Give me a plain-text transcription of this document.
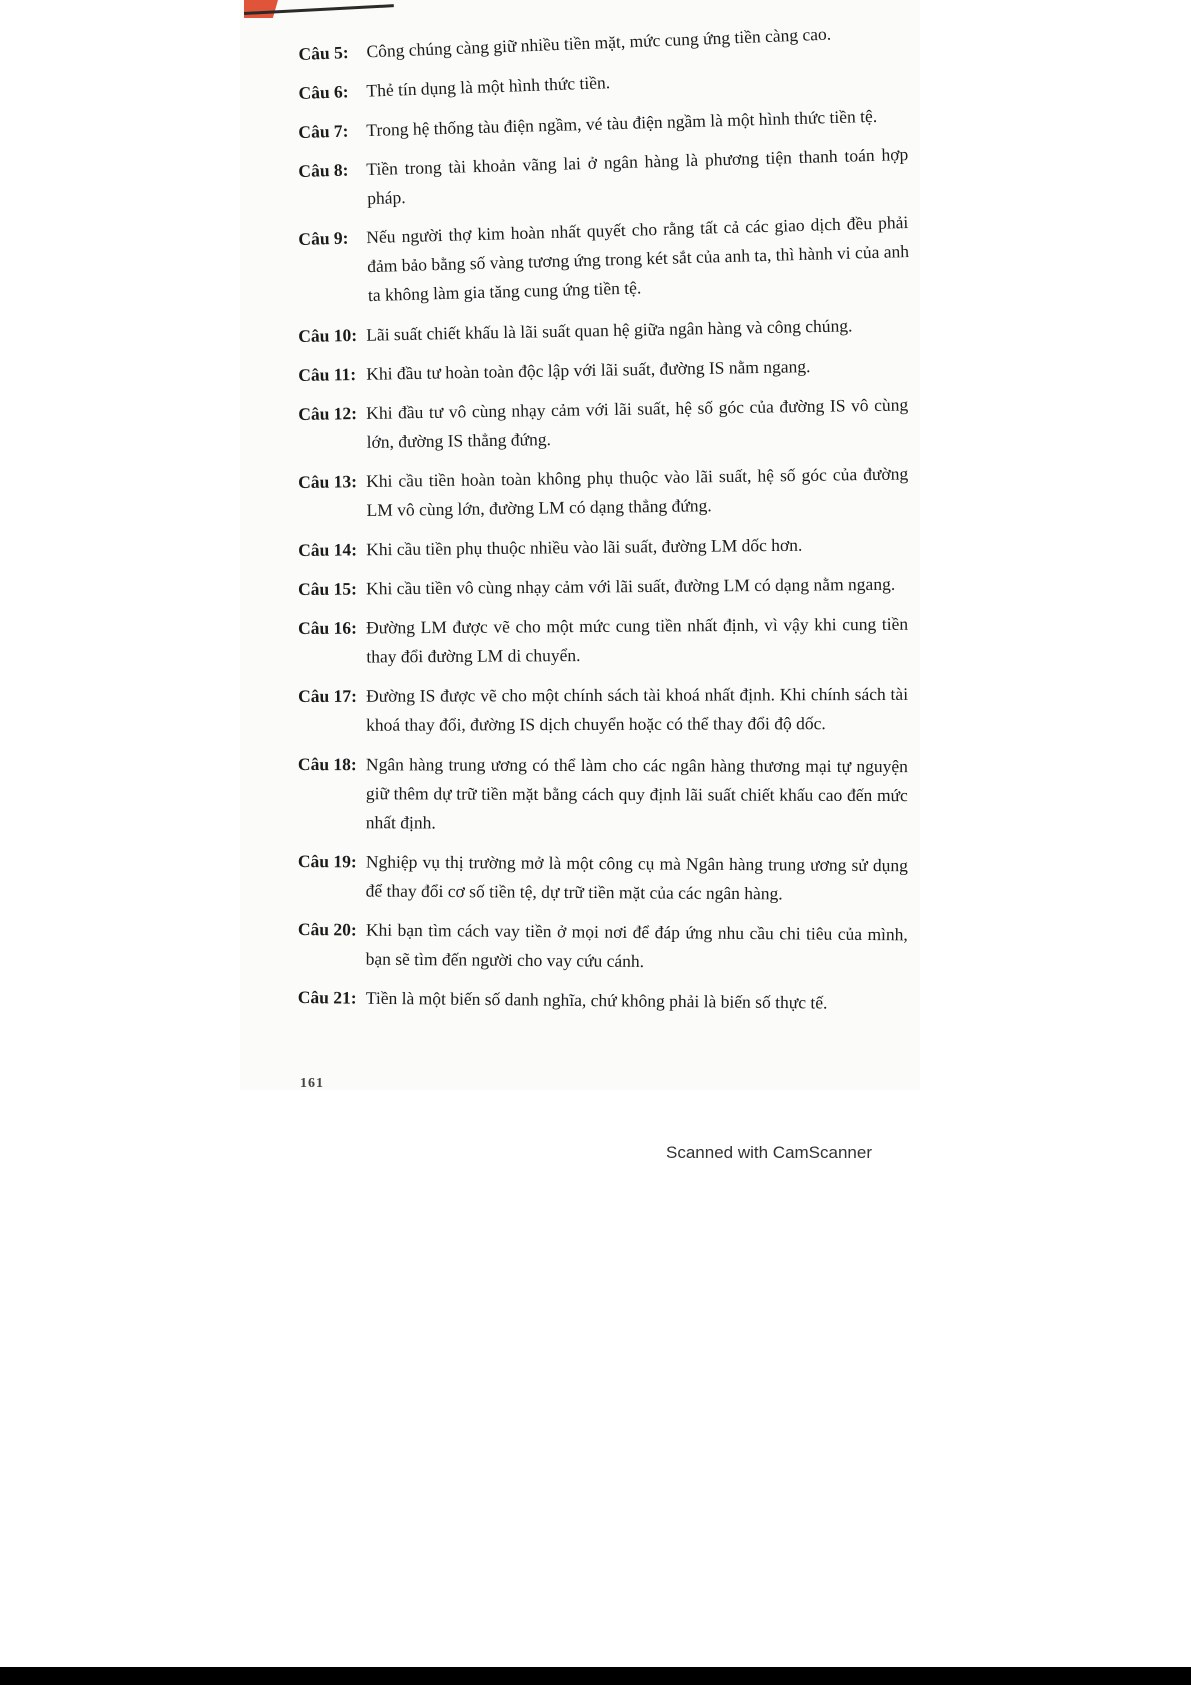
Câu 5: Công chúng càng giữ nhiều tiền mặt, mức cung ứng tiền càng cao.
Câu 6: Thẻ tín dụng là một hình thức tiền.
Câu 7: Trong hệ thống tàu điện ngầm, vé tàu điện ngầm là một hình thức tiền tệ.
Câu 8: Tiền trong tài khoản vãng lai ở ngân hàng là phương tiện thanh toán hợp pháp.
Câu 9: Nếu người thợ kim hoàn nhất quyết cho rằng tất cả các giao dịch đều phải đảm bảo bằng số vàng tương ứng trong két sắt của anh ta, thì hành vi của anh ta không làm gia tăng cung ứng tiền tệ.
Câu 10: Lãi suất chiết khấu là lãi suất quan hệ giữa ngân hàng và công chúng.
Câu 11: Khi đầu tư hoàn toàn độc lập với lãi suất, đường IS nằm ngang.
Câu 12: Khi đầu tư vô cùng nhạy cảm với lãi suất, hệ số góc của đường IS vô cùng lớn, đường IS thẳng đứng.
Câu 13: Khi cầu tiền hoàn toàn không phụ thuộc vào lãi suất, hệ số góc của đường LM vô cùng lớn, đường LM có dạng thẳng đứng.
Câu 14: Khi cầu tiền phụ thuộc nhiều vào lãi suất, đường LM dốc hơn.
Câu 15: Khi cầu tiền vô cùng nhạy cảm với lãi suất, đường LM có dạng nằm ngang.
Câu 16: Đường LM được vẽ cho một mức cung tiền nhất định, vì vậy khi cung tiền thay đổi đường LM di chuyển.
Câu 17: Đường IS được vẽ cho một chính sách tài khoá nhất định. Khi chính sách tài khoá thay đổi, đường IS dịch chuyển hoặc có thể thay đổi độ dốc.
Câu 18: Ngân hàng trung ương có thể làm cho các ngân hàng thương mại tự nguyện giữ thêm dự trữ tiền mặt bằng cách quy định lãi suất chiết khấu cao đến mức nhất định.
Câu 19: Nghiệp vụ thị trường mở là một công cụ mà Ngân hàng trung ương sử dụng để thay đổi cơ số tiền tệ, dự trữ tiền mặt của các ngân hàng.
Câu 20: Khi bạn tìm cách vay tiền ở mọi nơi để đáp ứng nhu cầu chi tiêu của mình, bạn sẽ tìm đến người cho vay cứu cánh.
Câu 21: Tiền là một biến số danh nghĩa, chứ không phải là biến số thực tế.
161
Scanned with CamScanner
